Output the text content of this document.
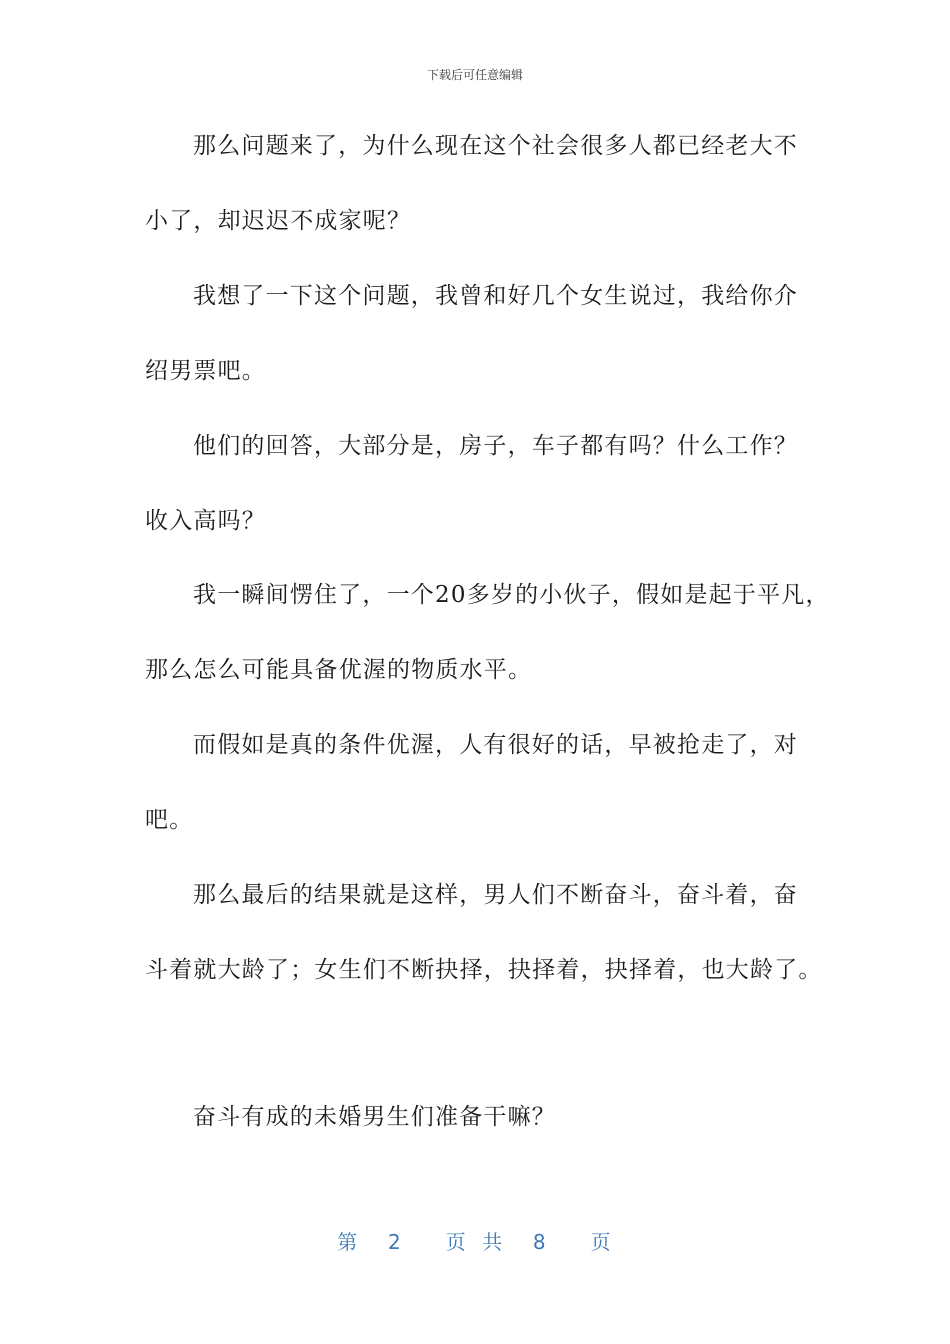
下载后可任意编辑
那么问题来了，为什么现在这个社会很多人都已经老大不
小了，却迟迟不成家呢？
我想了一下这个问题，我曾和好几个女生说过，我给你介
绍男票吧。
他们的回答，大部分是，房子，车子都有吗？什么工作？
收入高吗？
我一瞬间愣住了，一个20多岁的小伙子，假如是起于平凡，
那么怎么可能具备优渥的物质水平。
而假如是真的条件优渥，人有很好的话，早被抢走了，对
吧。
那么最后的结果就是这样，男人们不断奋斗，奋斗着，奋
斗着就大龄了；女生们不断抉择，抉择着，抉择着，也大龄了。
奋斗有成的未婚男生们准备干嘛？
第  2   页 共  8   页
